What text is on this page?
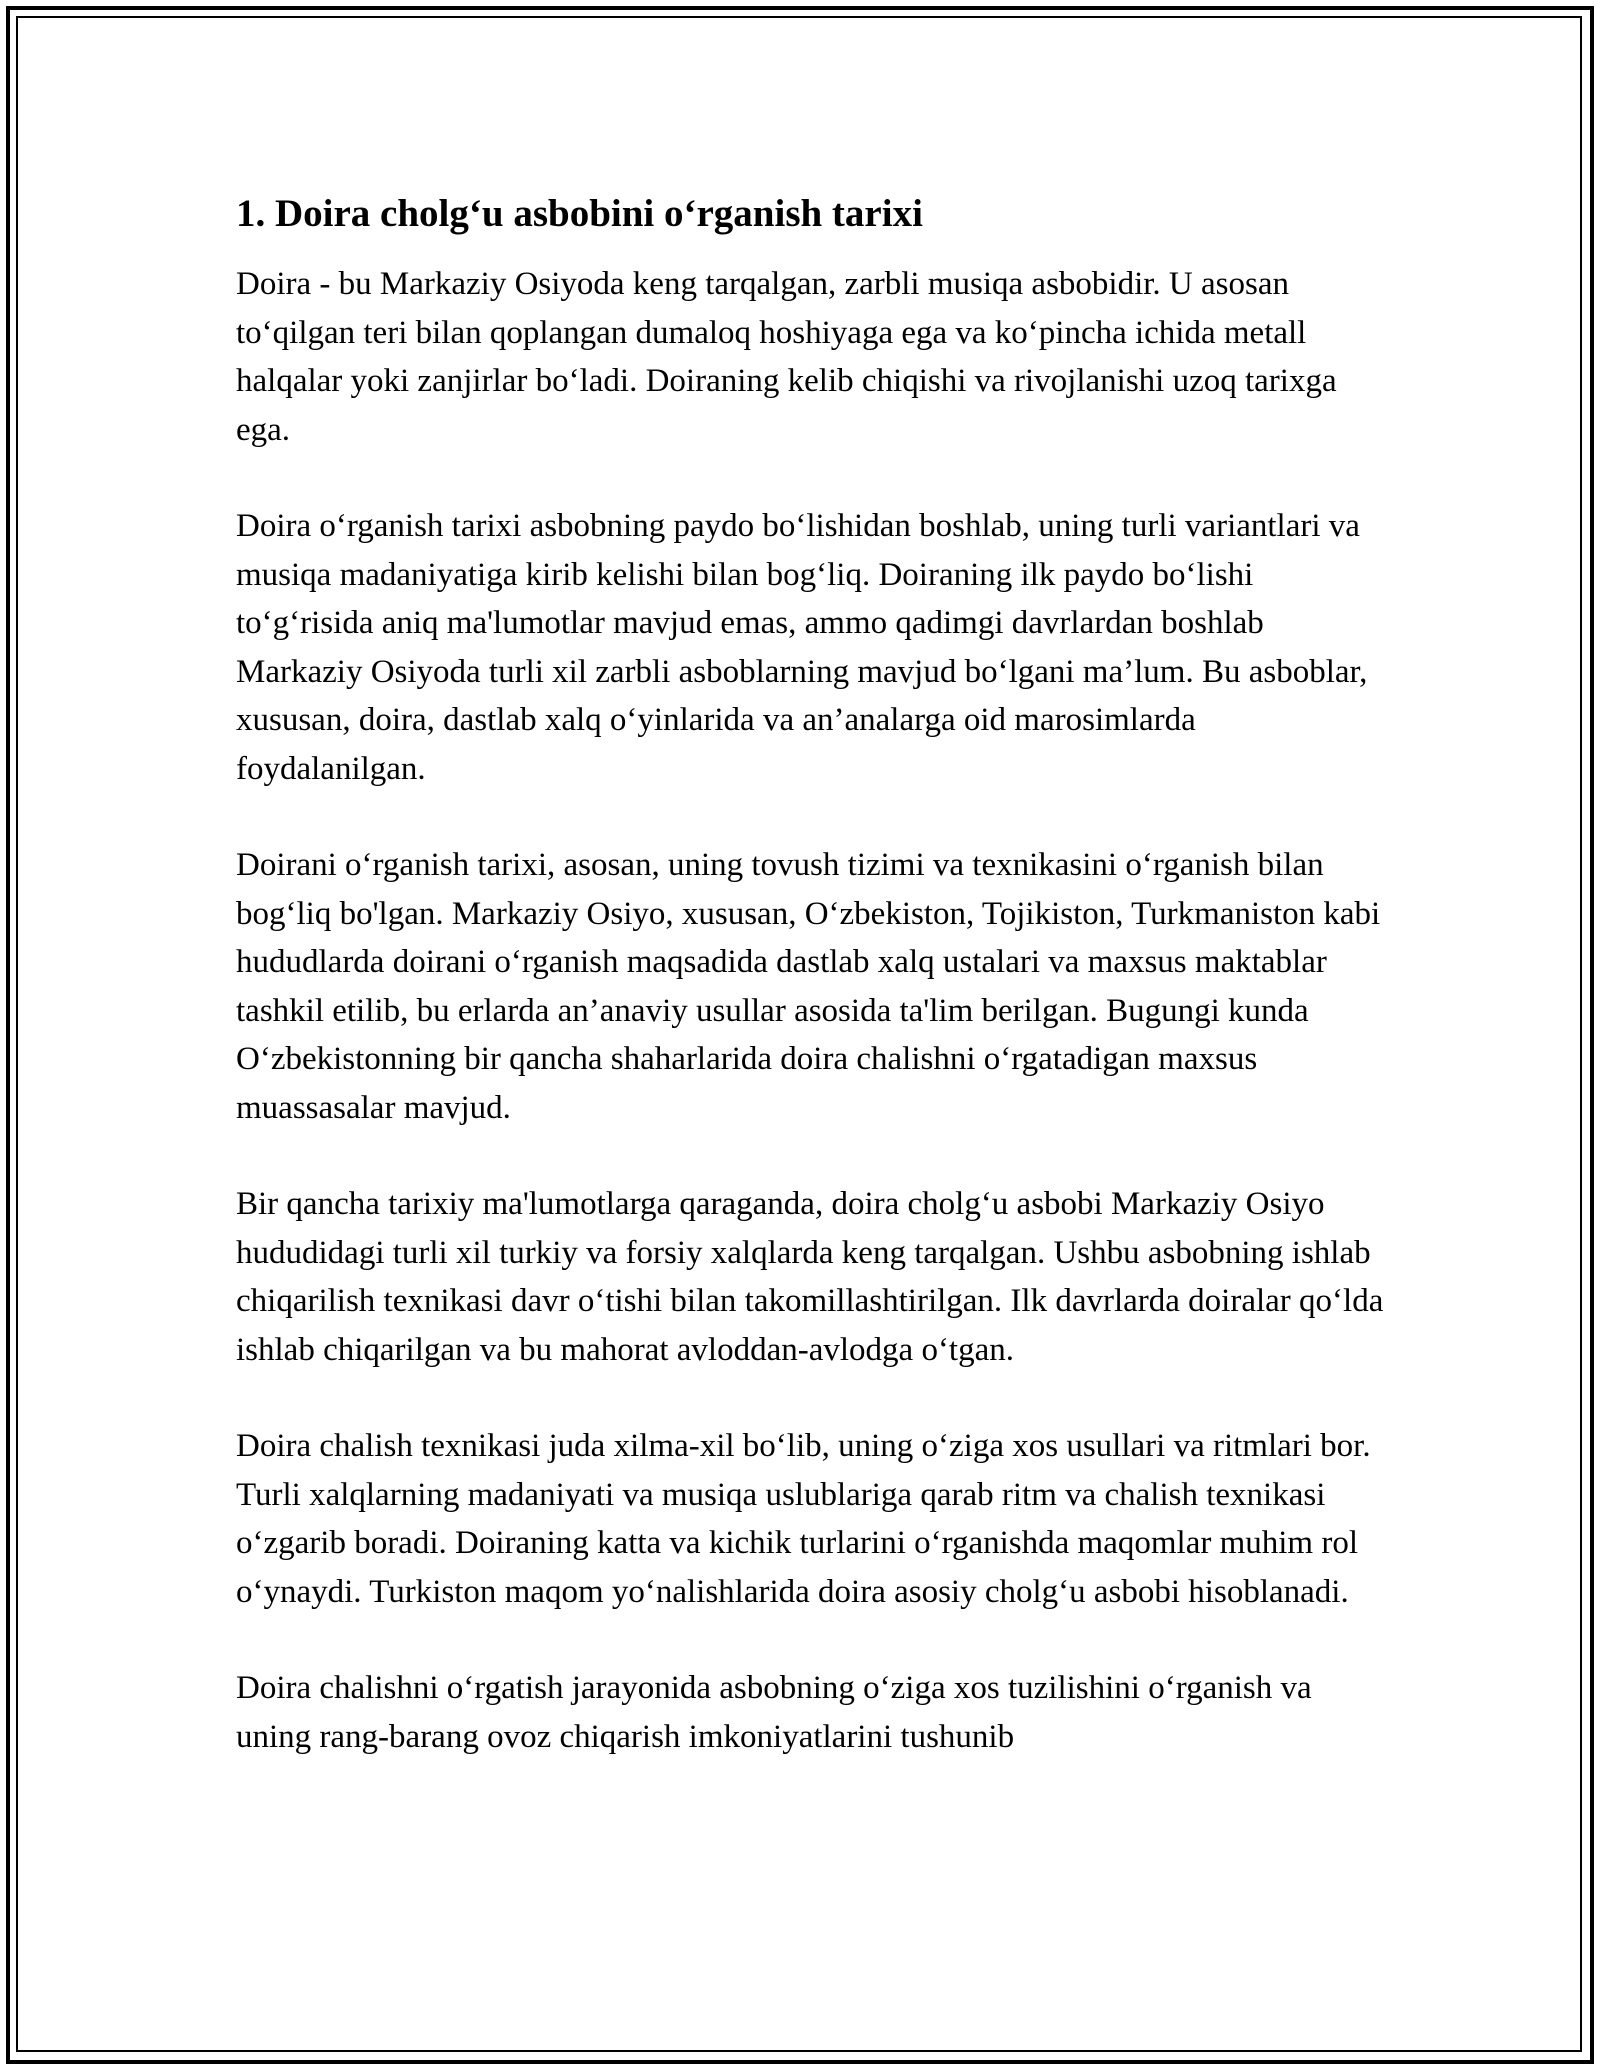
1. Doira cholgʻu asbobini oʻrganish tarixi

Doira - bu Markaziy Osiyoda keng tarqalgan, zarbli musiqa asbobidir. U asosan toʻqilgan teri bilan qoplangan dumaloq hoshiyaga ega va koʻpincha ichida metall halqalar yoki zanjirlar boʻladi. Doiraning kelib chiqishi va rivojlanishi uzoq tarixga ega.

Doira oʻrganish tarixi asbobning paydo boʻlishidan boshlab, uning turli variantlari va musiqa madaniyatiga kirib kelishi bilan bogʻliq. Doiraning ilk paydo boʻlishi toʻgʻrisida aniq ma'lumotlar mavjud emas, ammo qadimgi davrlardan boshlab Markaziy Osiyoda turli xil zarbli asboblarning mavjud boʻlgani ma’lum. Bu asboblar, xususan, doira, dastlab xalq oʻyinlarida va an’analarga oid marosimlarda foydalanilgan.

Doirani oʻrganish tarixi, asosan, uning tovush tizimi va texnikasini oʻrganish bilan bogʻliq bo'lgan. Markaziy Osiyo, xususan, Oʻzbekiston, Tojikiston, Turkmaniston kabi hududlarda doirani oʻrganish maqsadida dastlab xalq ustalari va maxsus maktablar tashkil etilib, bu erlarda an’anaviy usullar asosida ta'lim berilgan. Bugungi kunda Oʻzbekistonning bir qancha shaharlarida doira chalishni oʻrgatadigan maxsus muassasalar mavjud.

Bir qancha tarixiy ma'lumotlarga qaraganda, doira cholgʻu asbobi Markaziy Osiyo hududidagi turli xil turkiy va forsiy xalqlarda keng tarqalgan. Ushbu asbobning ishlab chiqarilish texnikasi davr oʻtishi bilan takomillashtirilgan. Ilk davrlarda doiralar qoʻlda ishlab chiqarilgan va bu mahorat avloddan-avlodga oʻtgan.

Doira chalish texnikasi juda xilma-xil boʻlib, uning oʻziga xos usullari va ritmlari bor. Turli xalqlarning madaniyati va musiqa uslublariga qarab ritm va chalish texnikasi oʻzgarib boradi. Doiraning katta va kichik turlarini oʻrganishda maqomlar muhim rol oʻynaydi. Turkiston maqom yoʻnalishlarida doira asosiy cholgʻu asbobi hisoblanadi.

Doira chalishni oʻrgatish jarayonida asbobning oʻziga xos tuzilishini oʻrganish va uning rang-barang ovoz chiqarish imkoniyatlarini tushunib
